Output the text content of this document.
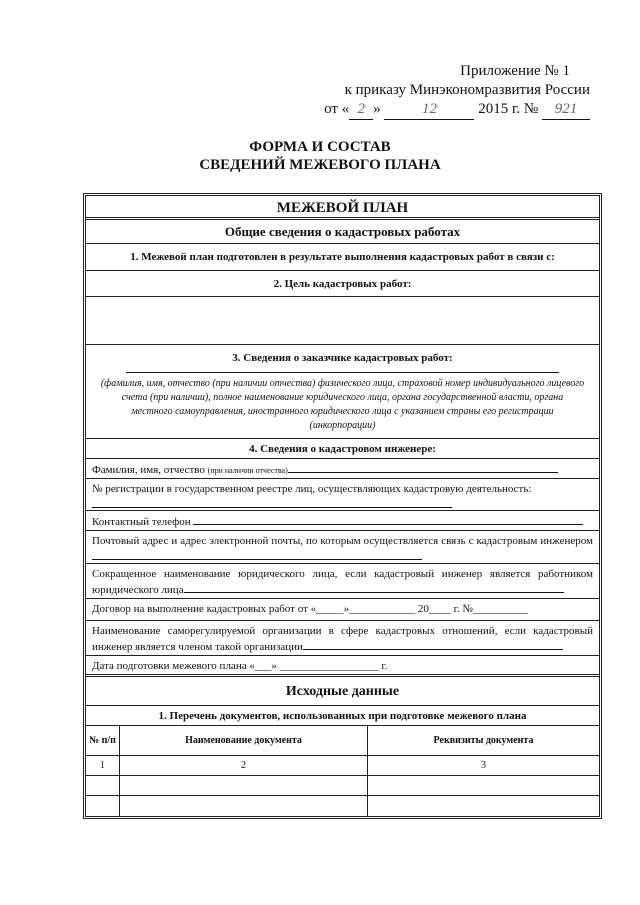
Приложение № 1
к приказу Минэкономразвития России
от « 2 »	12	2015 г. № 921
ФОРМА И СОСТАВ
СВЕДЕНИЙ МЕЖЕВОГО ПЛАНА
МЕЖЕВОЙ ПЛАН
Общие сведения о кадастровых работах
1. Межевой план подготовлен в результате выполнения кадастровых работ в связи с:
2. Цель кадастровых работ:
3. Сведения о заказчике кадастровых работ:
(фамилия, имя, отчество (при наличии отчества) физического лица, страховой номер индивидуального лицевого счета (при наличии), полное наименование юридического лица, органа государственной власти, органа местного самоуправления, иностранного юридического лица с указанием страны его регистрации (инкорпорации)
4. Сведения о кадастровом инженере:
Фамилия, имя, отчество (при наличии отчества)
№ регистрации в государственном реестре лиц, осуществляющих кадастровую деятельность:

Контактный телефон
Почтовый адрес и адрес электронной почты, по которым осуществляется связь с кадастровым инженером
Сокращенное наименование юридического лица, если кадастровый инженер является работником юридического лица
Договор на выполнение кадастровых работ от «_____»____________ 20____ г. №__________
Наименование саморегулируемой организации в сфере кадастровых отношений, если кадастровый инженер является членом такой организации
Дата подготовки межевого плана «___» __________________ г.
Исходные данные
1. Перечень документов, использованных при подготовке межевого плана
№ п/п	Наименование документа	Реквизиты документа
1	2	3
